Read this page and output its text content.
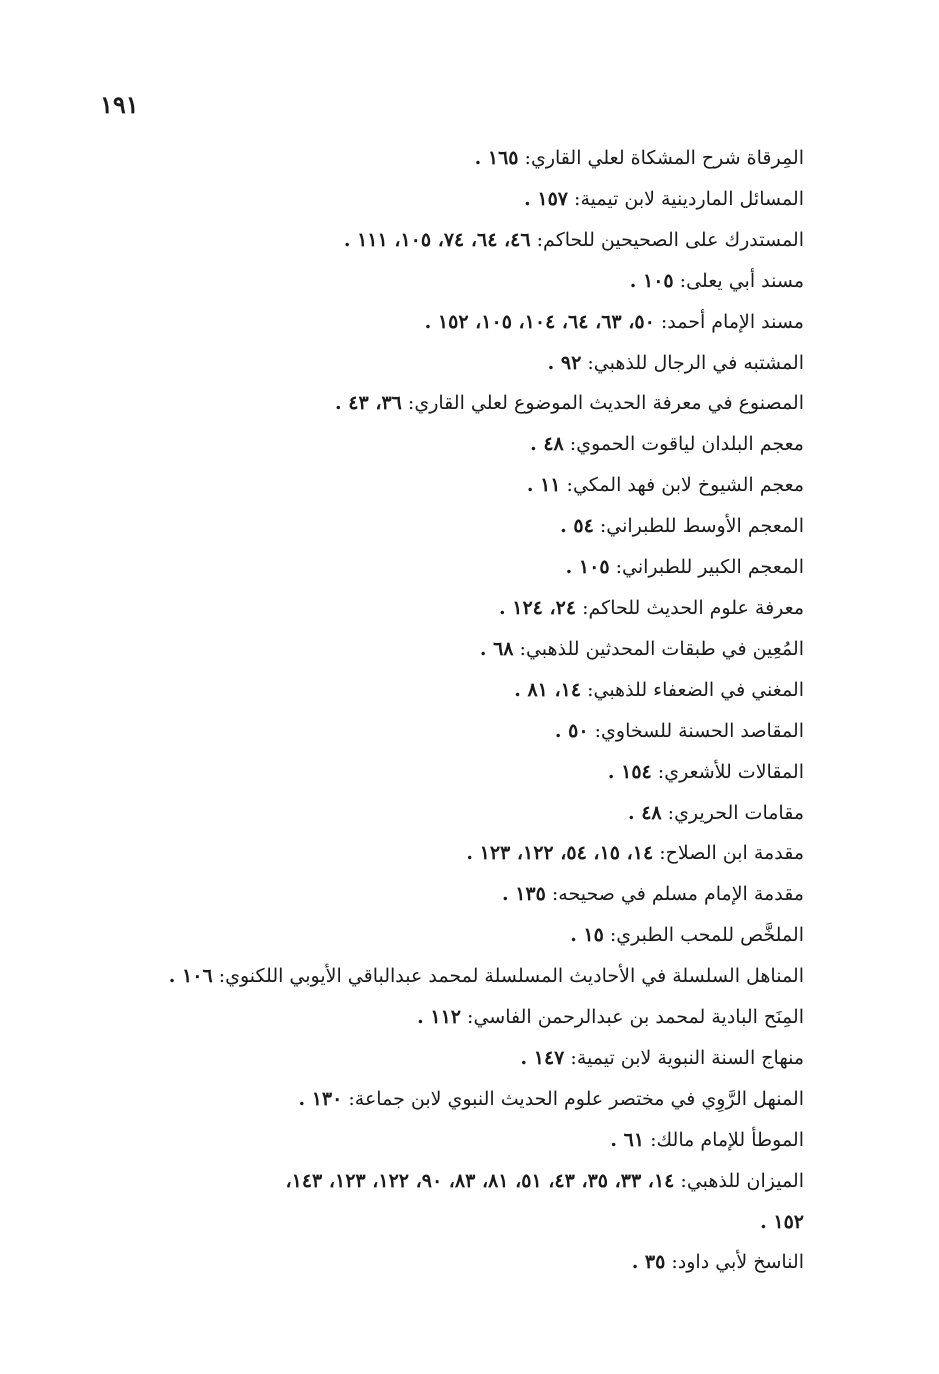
١٩١
المِرقاة شرح المشكاة لعلي القاري: ١٦٥ .
المسائل الماردينية لابن تيمية: ١٥٧ .
المستدرك على الصحيحين للحاكم: ٤٦، ٦٤، ٧٤، ١٠٥، ١١١ .
مسند أبي يعلى: ١٠٥ .
مسند الإمام أحمد: ٥٠، ٦٣، ٦٤، ١٠٤، ١٠٥، ١٥٢ .
المشتبه في الرجال للذهبي: ٩٢ .
المصنوع في معرفة الحديث الموضوع لعلي القاري: ٣٦، ٤٣ .
معجم البلدان لياقوت الحموي: ٤٨ .
معجم الشيوخ لابن فهد المكي: ١١ .
المعجم الأوسط للطبراني: ٥٤ .
المعجم الكبير للطبراني: ١٠٥ .
معرفة علوم الحديث للحاكم: ٢٤، ١٢٤ .
المُعِين في طبقات المحدثين للذهبي: ٦٨ .
المغني في الضعفاء للذهبي: ١٤، ٨١ .
المقاصد الحسنة للسخاوي: ٥٠ .
المقالات للأشعري: ١٥٤ .
مقامات الحريري: ٤٨ .
مقدمة ابن الصلاح: ١٤، ١٥، ٥٤، ١٢٢، ١٢٣ .
مقدمة الإمام مسلم في صحيحه: ١٣٥ .
الملخَّص للمحب الطبري: ١٥ .
المناهل السلسلة في الأحاديث المسلسلة لمحمد عبدالباقي الأيوبي اللكنوي: ١٠٦ .
المِنَح البادية لمحمد بن عبدالرحمن الفاسي: ١١٢ .
منهاج السنة النبوية لابن تيمية: ١٤٧ .
المنهل الرَّوِي في مختصر علوم الحديث النبوي لابن جماعة: ١٣٠ .
الموطأ للإمام مالك: ٦١ .
الميزان للذهبي: ١٤، ٣٣، ٣٥، ٤٣، ٥١، ٨١، ٨٣، ٩٠، ١٢٢، ١٢٣، ١٤٣،
١٥٢ .
الناسخ لأبي داود: ٣٥ .
